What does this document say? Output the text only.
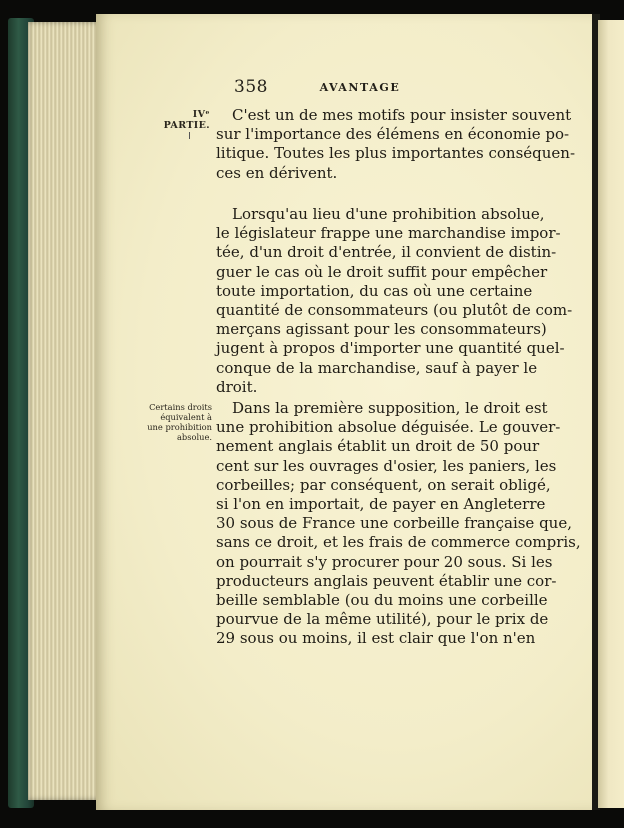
358	AVANTAGE
IVᵉ PARTIE.
Certains droits
équivalent à
une prohibition
absolue.
C'est un de mes motifs pour insister souvent
sur l'importance des élémens en économie po-
litique. Toutes les plus importantes conséquen-
ces en dérivent.
Lorsqu'au lieu d'une prohibition absolue,
le législateur frappe une marchandise impor-
tée, d'un droit d'entrée, il convient de distin-
guer le cas où le droit suffit pour empêcher
toute importation, du cas où une certaine
quantité de consommateurs (ou plutôt de com-
merçans agissant pour les consommateurs)
jugent à propos d'importer une quantité quel-
conque de la marchandise, sauf à payer le
droit.
Dans la première supposition, le droit est
une prohibition absolue déguisée. Le gouver-
nement anglais établit un droit de 50 pour
cent sur les ouvrages d'osier, les paniers, les
corbeilles; par conséquent, on serait obligé,
si l'on en importait, de payer en Angleterre
30 sous de France une corbeille française que,
sans ce droit, et les frais de commerce compris,
on pourrait s'y procurer pour 20 sous. Si les
producteurs anglais peuvent établir une cor-
beille semblable (ou du moins une corbeille
pourvue de la même utilité), pour le prix de
29 sous ou moins, il est clair que l'on n'en
